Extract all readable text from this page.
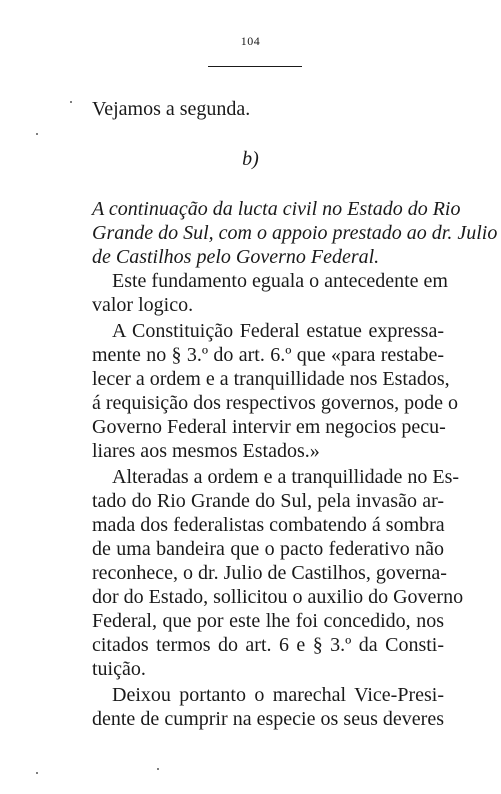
104
Vejamos a segunda.
b)
A continuação da lucta civil no Estado do Rio
Grande do Sul, com o appoio prestado ao dr. Julio
de Castilhos pelo Governo Federal.
Este fundamento eguala o antecedente em
valor logico.
A Constituição Federal estatue expressa-
mente no § 3.º do art. 6.º que «para restabe-
lecer a ordem e a tranquillidade nos Estados,
á requisição dos respectivos governos, pode o
Governo Federal intervir em negocios pecu-
liares aos mesmos Estados.»
Alteradas a ordem e a tranquillidade no Es-
tado do Rio Grande do Sul, pela invasão ar-
mada dos federalistas combatendo á sombra
de uma bandeira que o pacto federativo não
reconhece, o dr. Julio de Castilhos, governa-
dor do Estado, sollicitou o auxilio do Governo
Federal, que por este lhe foi concedido, nos
citados termos do art. 6 e § 3.º da Consti-
tuição.
Deixou portanto o marechal Vice-Presi-
dente de cumprir na especie os seus deveres
